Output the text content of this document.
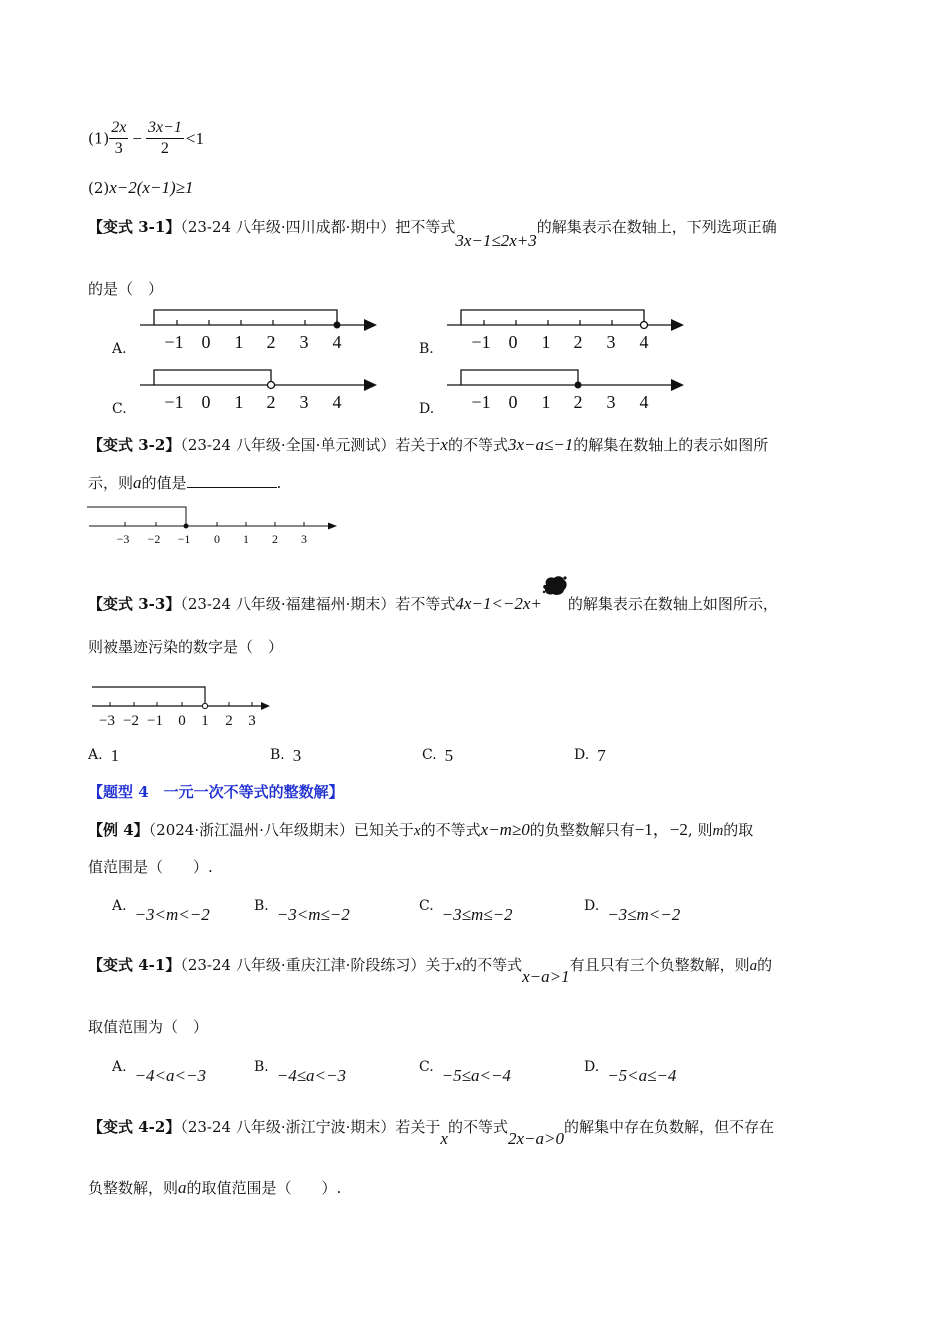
$(1) \frac{2x}{3} - \frac{3x-1}{2} <1$
(2)x−2(x−1)≥1
【变式 3-1】（23-24 八年级·四川成都·期中）把不等式3x−1≤2x+3的解集表示在数轴上，下列选项正确
的是（　）
−1 0 1 2 3 4	−1 0 1 2 3 4
−1 0 1 2 3 4	−1 0 1 2 3 4
A.	B.
C.	D.
【变式 3-2】（23-24 八年级·全国·单元测试）若关于x的不等式3x−a≤−1的解集在数轴上的表示如图所
示，则a的值是	.
−3 −2 −1 0 1 2 3
【变式 3-3】（23-24 八年级·福建福州·期末）若不等式4x−1<−2x+ 的解集表示在数轴上如图所示，
则被墨迹污染的数字是（　）
−3 −2 −1 0 1 2 3
A. 1	B. 3	C. 5	D. 7
【题型 4　一元一次不等式的整数解】
【例 4】（2024·浙江温州·八年级期末）已知关于x的不等式x−m≥0的负整数解只有−1，−2, 则m的取
值范围是（　　）.
A. −3<m<−2	B. −3<m≤−2	C. −3≤m≤−2	D. −3≤m<−2
【变式 4-1】（23-24 八年级·重庆江津·阶段练习）关于x的不等式x−a>1有且只有三个负整数解，则a的
取值范围为（　）
A. −4<a<−3	B. −4≤a<−3	C. −5≤a<−4	D. −5<a≤−4
【变式 4-2】（23-24 八年级·浙江宁波·期末）若关于x的不等式2x−a>0的解集中存在负数解，但不存在
负整数解，则a的取值范围是（　　）.
